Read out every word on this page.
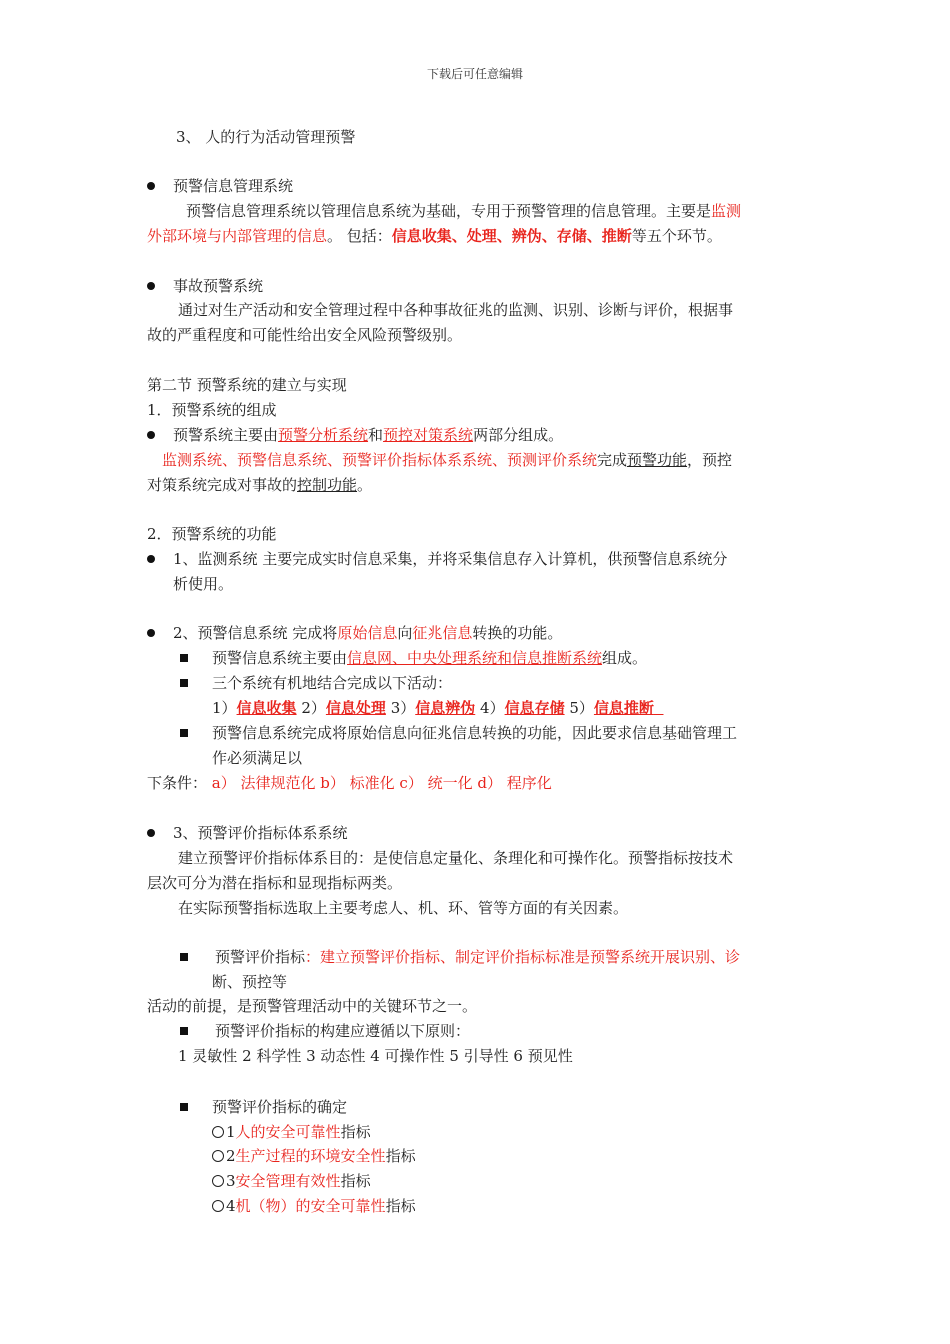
下载后可任意编辑
3、 人的行为活动管理预警
预警信息管理系统
预警信息管理系统以管理信息系统为基础，专用于预警管理的信息管理。主要是监测
外部环境与内部管理的信息。 包括：信息收集、处理、辨伪、存储、推断等五个环节。
事故预警系统
通过对生产活动和安全管理过程中各种事故征兆的监测、识别、诊断与评价，根据事
故的严重程度和可能性给出安全风险预警级别。
第二节 预警系统的建立与实现
1．预警系统的组成
预警系统主要由预警分析系统和预控对策系统两部分组成。
监测系统、预警信息系统、预警评价指标体系系统、预测评价系统完成预警功能，预控
对策系统完成对事故的控制功能。
2．预警系统的功能
1、监测系统 主要完成实时信息采集，并将采集信息存入计算机，供预警信息系统分
析使用。
2、预警信息系统 完成将原始信息向征兆信息转换的功能。
预警信息系统主要由信息网、中央处理系统和信息推断系统组成。
三个系统有机地结合完成以下活动：
1）信息收集 2）信息处理 3）信息辨伪 4）信息存储 5）信息推断
预警信息系统完成将原始信息向征兆信息转换的功能，因此要求信息基础管理工
作必须满足以
下条件： a） 法律规范化 b） 标准化 c） 统一化 d） 程序化
3、预警评价指标体系系统
建立预警评价指标体系目的：是使信息定量化、条理化和可操作化。预警指标按技术
层次可分为潜在指标和显现指标两类。
在实际预警指标选取上主要考虑人、机、环、管等方面的有关因素。
预警评价指标：建立预警评价指标、制定评价指标标准是预警系统开展识别、诊
断、预控等
活动的前提，是预警管理活动中的关键环节之一。
预警评价指标的构建应遵循以下原则：
1 灵敏性 2 科学性 3 动态性 4 可操作性 5 引导性 6 预见性
预警评价指标的确定
1人的安全可靠性指标
2生产过程的环境安全性指标
3安全管理有效性指标
4机（物）的安全可靠性指标
